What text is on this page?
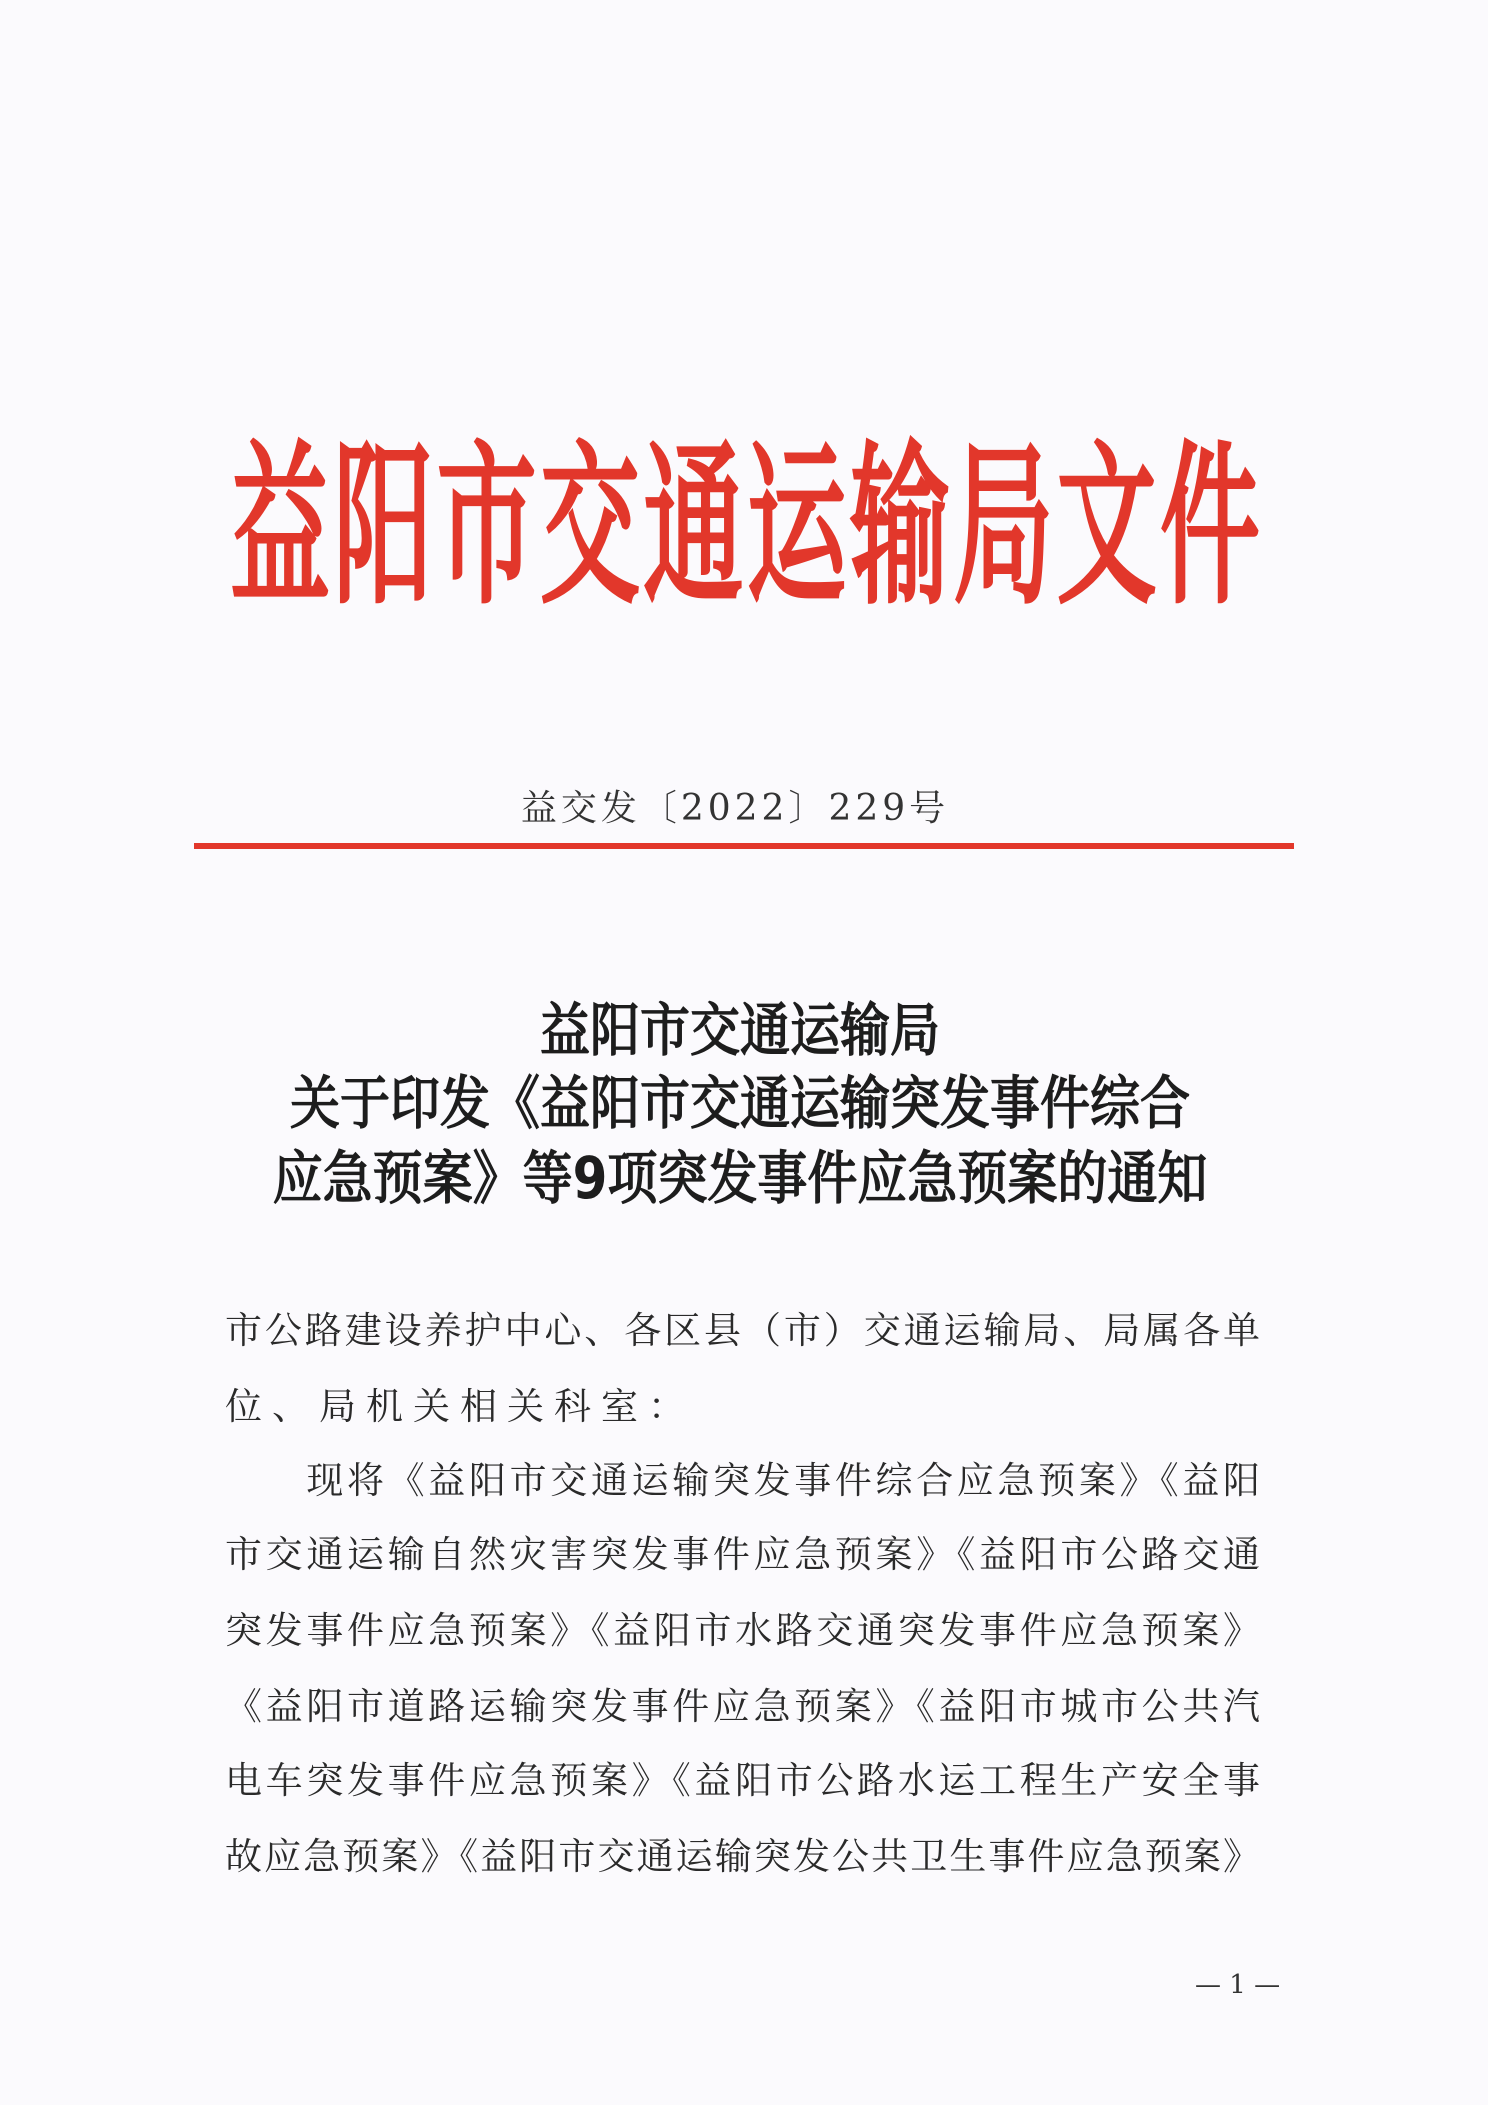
益 阳 市 交 通 运 输 局 文 件
益交发〔2022〕229号
益阳市交通运输局
关于印发《益阳市交通运输突发事件综合
应急预案》等9项突发事件应急预案的通知
市公路建设养护中心、各区县（市）交通运输局、局属各单
位、局机关相关科室：
　　现将《益阳市交通运输突发事件综合应急预案》《益阳
市交通运输自然灾害突发事件应急预案》《益阳市公路交通
突发事件应急预案》《益阳市水路交通突发事件应急预案》
《益阳市道路运输突发事件应急预案》《益阳市城市公共汽
电车突发事件应急预案》《益阳市公路水运工程生产安全事
故应急预案》《益阳市交通运输突发公共卫生事件应急预案》
— 1 —
